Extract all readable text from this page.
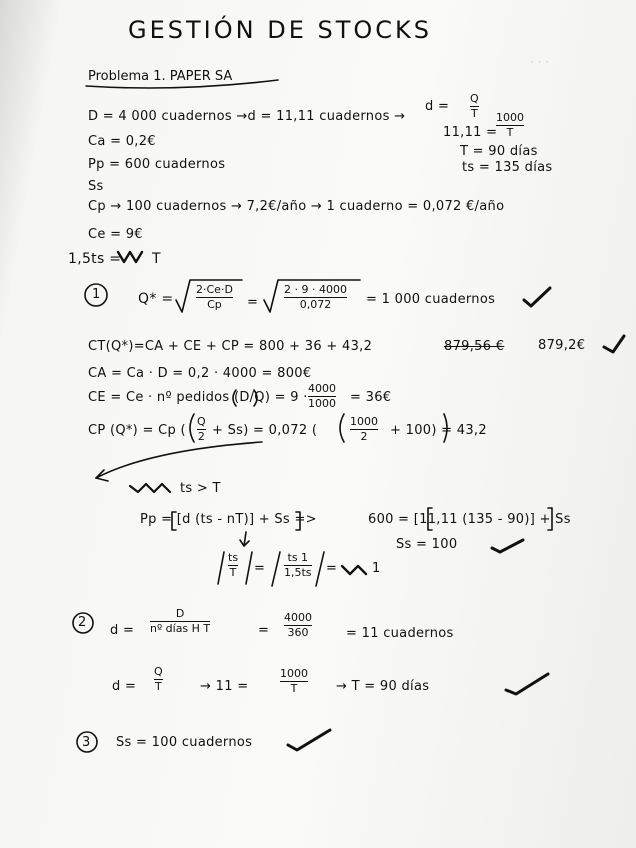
· · ·
GESTIÓN DE STOCKS
Problema 1. PAPER SA
D = 4 000 cuadernos →d = 11,11 cuadernos →
d =
Q
T
11,11 =
1000
T
Ca = 0,2€
T = 90 días
Pp = 600 cuadernos	ts = 135 días
Ss
Cp → 100 cuadernos → 7,2€/año → 1 cuaderno = 0,072 €/año
Ce = 9€
1,5ts = T
1	Q* =
2·Ce·D
Cp =
2 · 9 · 4000
0,072	= 1 000 cuadernos
CT(Q*)=CA + CE + CP = 800 + 36 + 43,2	879,56 €	879,2€
CA = Ca · D = 0,2 · 4000 = 800€
CE = Ce · nº pedidos (D/Q) = 9 ·
4000
1000 = 36€
CP (Q*) = Cp (
Q
2 + Ss) = 0,072 (
1000
2 + 100) = 43,2
ts > T
Pp = [d (ts - nT)] + Ss =>	600 = [11,11 (135 - 90)] + Ss
Ss = 100
ts
T =
ts 1
1,5ts =	1
2
d =
D
nº días H T	=
4000
360	= 11 cuadernos
d =
Q
T	→ 11 =
1000
T	→ T = 90 días
3 Ss = 100 cuadernos
